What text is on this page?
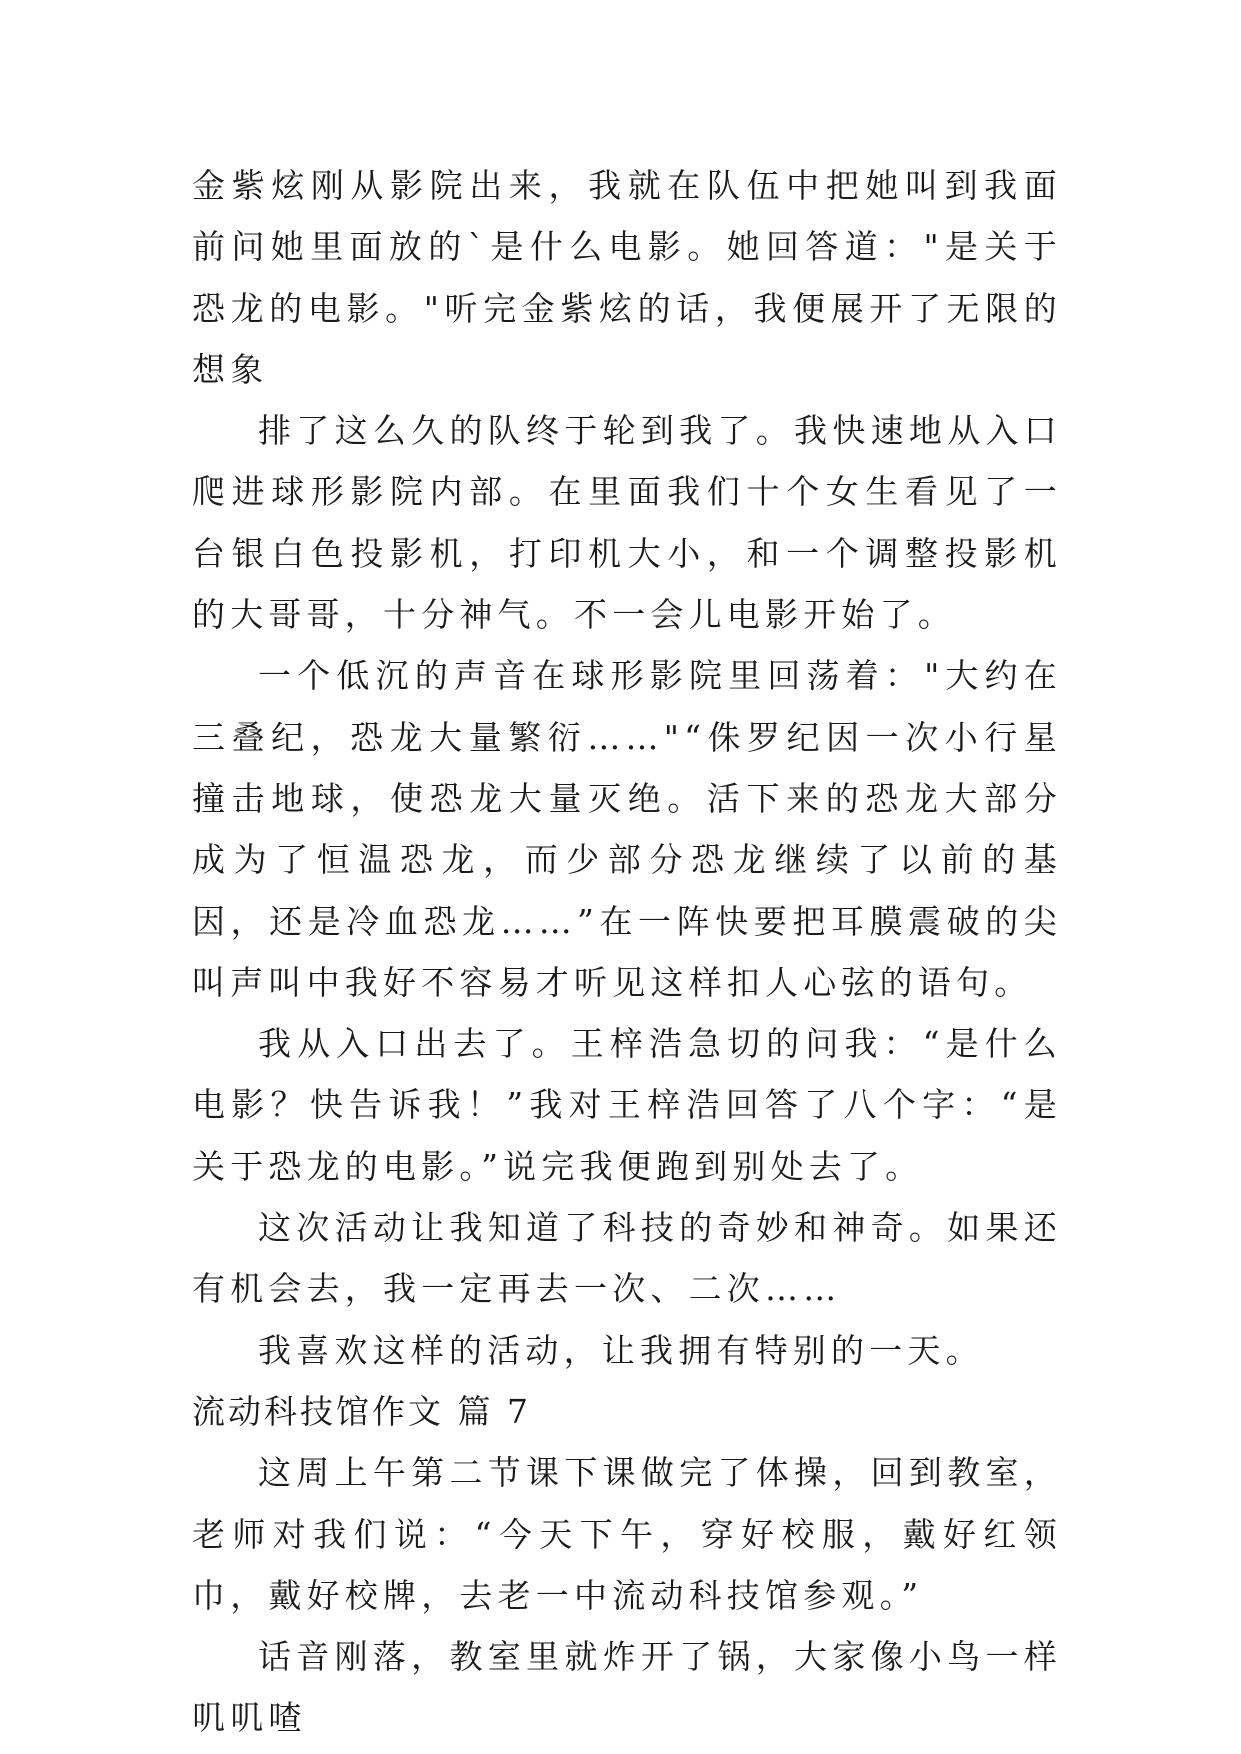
金紫炫刚从影院出来，我就在队伍中把她叫到我面前问她里面放的`是什么电影。她回答道："是关于恐龙的电影。"听完金紫炫的话，我便展开了无限的想象

排了这么久的队终于轮到我了。我快速地从入口爬进球形影院内部。在里面我们十个女生看见了一台银白色投影机，打印机大小，和一个调整投影机的大哥哥，十分神气。不一会儿电影开始了。

一个低沉的声音在球形影院里回荡着："大约在三叠纪，恐龙大量繁衍……"“侏罗纪因一次小行星撞击地球，使恐龙大量灭绝。活下来的恐龙大部分成为了恒温恐龙，而少部分恐龙继续了以前的基因，还是冷血恐龙……”在一阵快要把耳膜震破的尖叫声叫中我好不容易才听见这样扣人心弦的语句。

我从入口出去了。王梓浩急切的问我：“是什么电影？快告诉我！”我对王梓浩回答了八个字：“是关于恐龙的电影。”说完我便跑到别处去了。

这次活动让我知道了科技的奇妙和神奇。如果还有机会去，我一定再去一次、二次……

我喜欢这样的活动，让我拥有特别的一天。

流动科技馆作文 篇 7

这周上午第二节课下课做完了体操，回到教室，老师对我们说：“今天下午，穿好校服，戴好红领巾，戴好校牌，去老一中流动科技馆参观。”

话音刚落，教室里就炸开了锅，大家像小鸟一样叽叽喳
